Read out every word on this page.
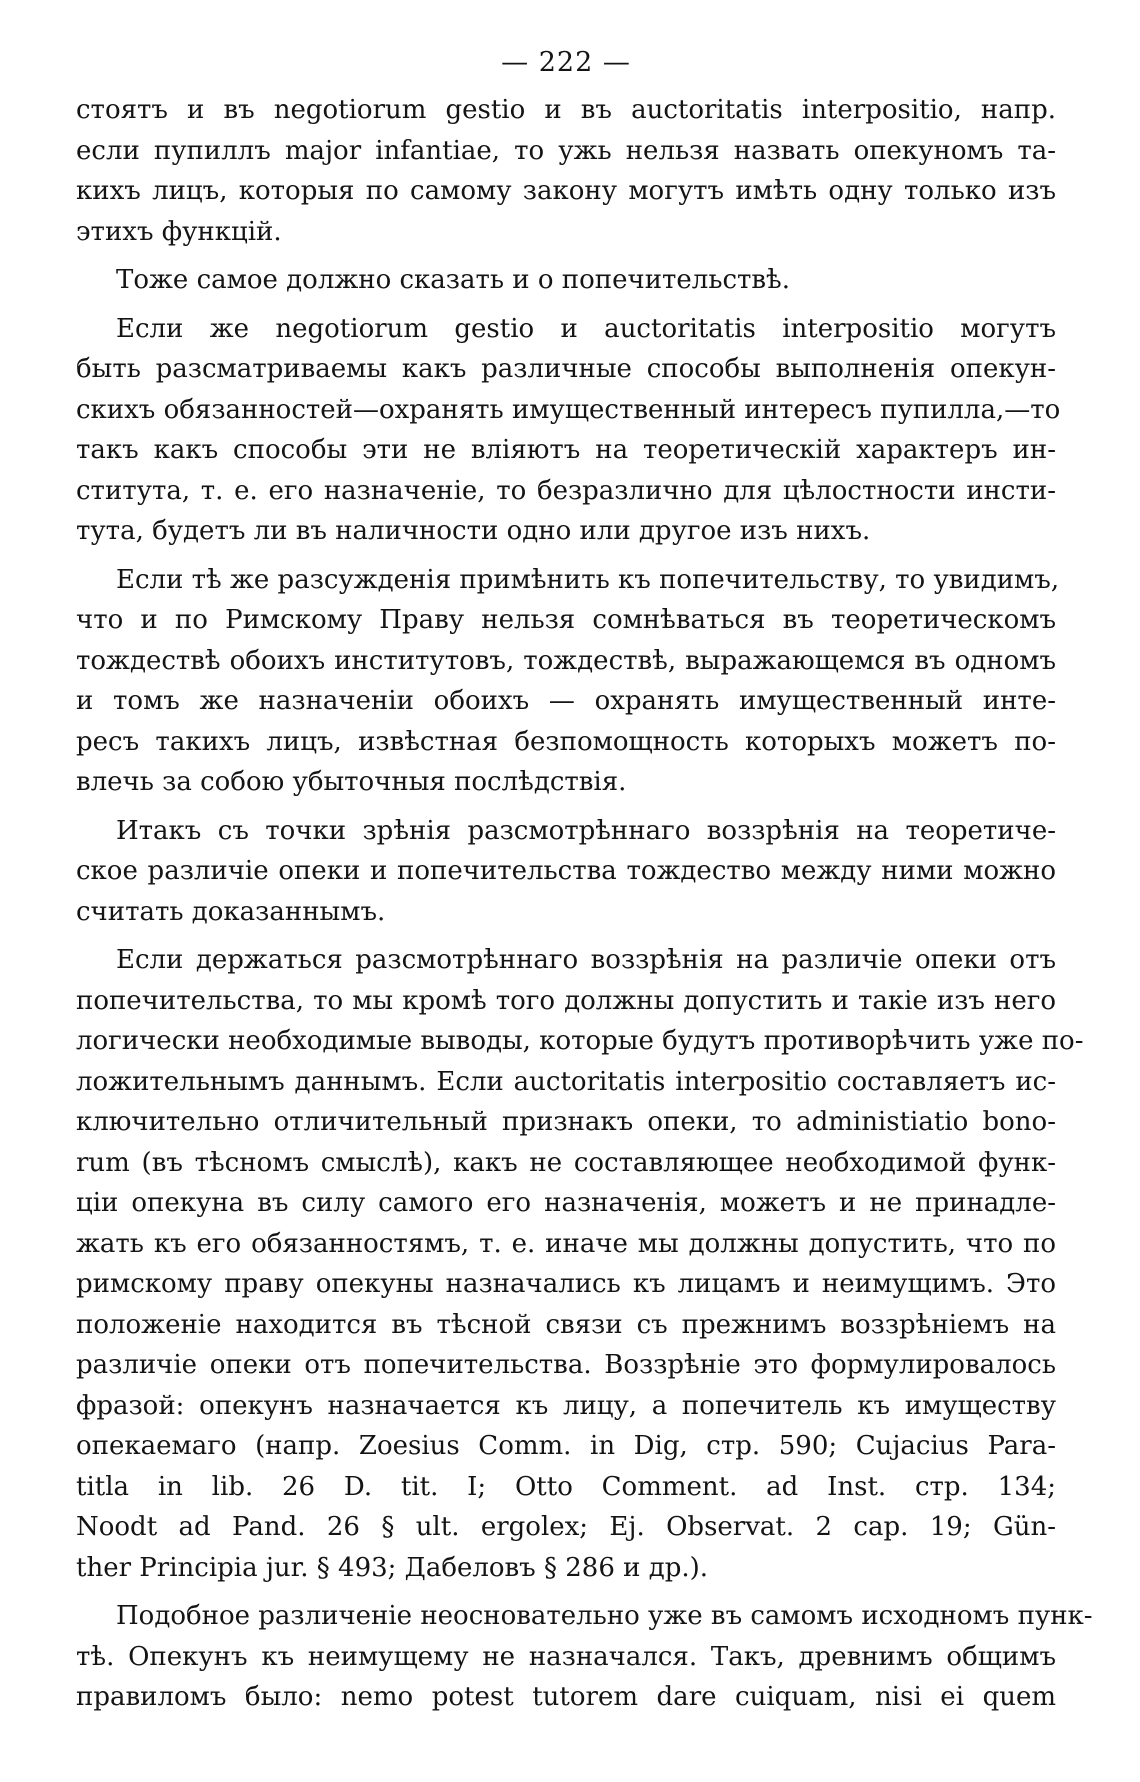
— 222 —
стоятъ и въ negotiorum gestio и въ auctoritatis interpositio, напр.
если пупиллъ major infantiae, то ужь нельзя назвать опекуномъ та-
кихъ лицъ, которыя по самому закону могутъ имѣть одну только изъ
этихъ функцій.
Тоже самое должно сказать и о попечительствѣ.
Если же negotiorum gestio и auctoritatis interpositio могутъ
быть разсматриваемы какъ различные способы выполненія опекун-
скихъ обязанностей—охранять имущественный интересъ пупилла,—то
такъ какъ способы эти не вліяютъ на теоретическій характеръ ин-
ститута, т. е. его назначеніе, то безразлично для цѣлостности инсти-
тута, будетъ ли въ наличности одно или другое изъ нихъ.
Если тѣ же разсужденія примѣнить къ попечительству, то увидимъ,
что и по Римскому Праву нельзя сомнѣваться въ теоретическомъ
тождествѣ обоихъ институтовъ, тождествѣ, выражающемся въ одномъ
и томъ же назначеніи обоихъ — охранять имущественный инте-
ресъ такихъ лицъ, извѣстная безпомощность которыхъ можетъ по-
влечь за собою убыточныя послѣдствія.
Итакъ съ точки зрѣнія разсмотрѣннаго воззрѣнія на теоретиче-
ское различіе опеки и попечительства тождество между ними можно
считать доказаннымъ.
Если держаться разсмотрѣннаго воззрѣнія на различіе опеки отъ
попечительства, то мы кромѣ того должны допустить и такіе изъ него
логически необходимые выводы, которые будутъ противорѣчить уже по-
ложительнымъ даннымъ. Если auctoritatis interpositio составляетъ ис-
ключительно отличительный признакъ опеки, то administiatio bono-
rum (въ тѣсномъ смыслѣ), какъ не составляющее необходимой функ-
ціи опекуна въ силу самого его назначенія, можетъ и не принадле-
жать къ его обязанностямъ, т. е. иначе мы должны допустить, что по
римскому праву опекуны назначались къ лицамъ и неимущимъ. Это
положеніе находится въ тѣсной связи съ прежнимъ воззрѣніемъ на
различіе опеки отъ попечительства. Воззрѣніе это формулировалось
фразой: опекунъ назначается къ лицу, а попечитель къ имуществу
опекаемаго (напр. Zoesius Comm. in Dig, стр. 590; Cujacius Para-
titla in lib. 26 D. tit. I; Otto Comment. ad Inst. стр. 134;
Noodt ad Pand. 26 § ult. ergolex; Ej. Observat. 2 cap. 19; Gün-
ther Principia jur. § 493; Дабеловъ § 286 и др.).
Подобное различеніе неосновательно уже въ самомъ исходномъ пунк-
тѣ. Опекунъ къ неимущему не назначался. Такъ, древнимъ общимъ
правиломъ было: nemo potest tutorem dare cuiquam, nisi ei quem
